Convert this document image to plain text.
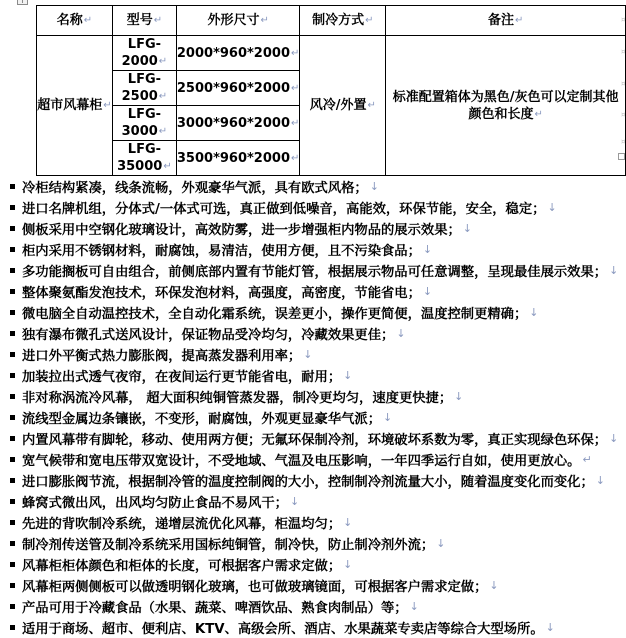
名称↵	型号↵	外形尺寸↵	制冷方式↵	备注↵
超市风幕柜↵	LFG-2000↵	2000*960*2000↵	风冷/外置↵	标准配置箱体为黑色/灰色可以定制其他颜色和长度↵
	LFG-2500↵	2500*960*2000↵		
	LFG-3000↵	3000*960*2000↵		
	LFG-35000↵	3500*960*2000↵		
¤
¤
¤
¤
¤
冷柜结构紧凑，线条流畅，外观豪华气派，具有欧式风格； ↓
进口名牌机组，分体式/一体式可选，真正做到低噪音，高能效，环保节能，安全，稳定； ↓
侧板采用中空钢化玻璃设计，高效防雾，进一步增强柜内物品的展示效果； ↓
柜内采用不锈钢材料，耐腐蚀，易清洁，使用方便，且不污染食品； ↓
多功能搁板可自由组合，前侧底部内置有节能灯管，根据展示物品可任意调整，呈现最佳展示效果； ↓
整体聚氨酯发泡技术，环保发泡材料，高强度，高密度，节能省电； ↓
微电脑全自动温控技术，全自动化霜系统，误差更小，操作更简便，温度控制更精确； ↓
独有瀑布微孔式送风设计，保证物品受冷均匀，冷藏效果更佳； ↓
进口外平衡式热力膨胀阀，提高蒸发器利用率； ↓
加装拉出式透气夜帘，在夜间运行更节能省电，耐用； ↓
非对称涡流冷风幕， 超大面积纯铜管蒸发器，制冷更均匀，速度更快捷； ↓
流线型金属边条镶嵌，不变形，耐腐蚀，外观更显豪华气派； ↓
内置风幕带有脚轮，移动、使用两方便；无氟环保制冷剂，环境破坏系数为零，真正实现绿色环保； ↓
宽气候带和宽电压带双宽设计，不受地域、气温及电压影响，一年四季运行自如，使用更放心。 ↵
进口膨胀阀节流，根据制冷管的温度控制阀的大小，控制制冷剂流量大小，随着温度变化而变化； ↓
蜂窝式微出风，出风均匀防止食品不易风干； ↓
先进的背吹制冷系统，递增层流优化风幕，柜温均匀； ↓
制冷剂传送管及制冷系统采用国标纯铜管，制冷快，防止制冷剂外流； ↓
风幕柜柜体颜色和柜体的长度，可根据客户需求定做； ↓
风幕柜两侧侧板可以做透明钢化玻璃，也可做玻璃镜面，可根据客户需求定做； ↓
产品可用于冷藏食品（水果、蔬菜、啤酒饮品、熟食肉制品）等； ↓
适用于商场、超市、便利店、KTV、高级会所、酒店、水果蔬菜专卖店等综合大型场所。 ↓
